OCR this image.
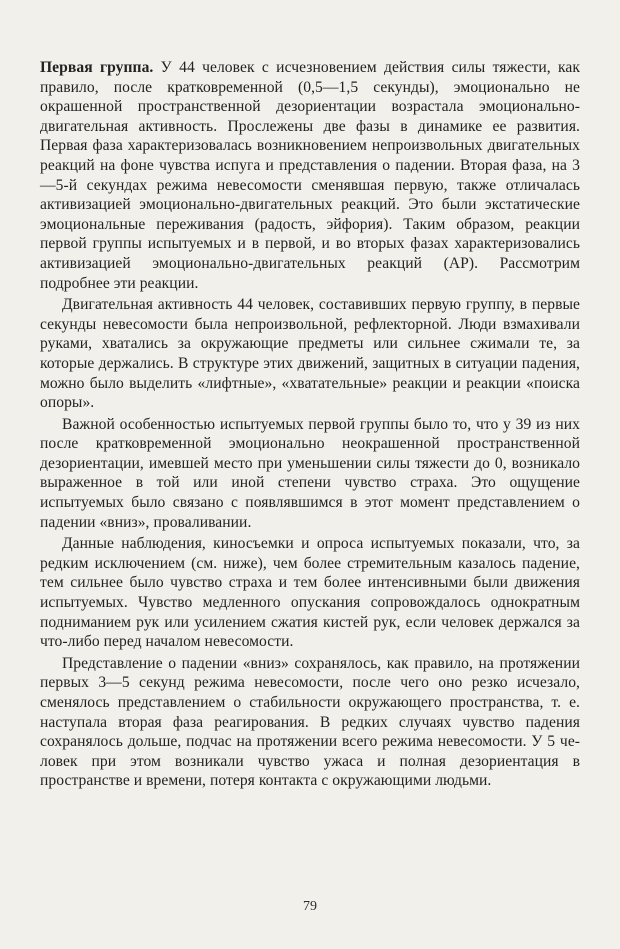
Первая группа. У 44 человек с исчезновением действия силы тяжести, как правило, после кратковременной (0,5—1,5 секунды), эмоционально не окрашенной пространственной дезориентации возрастала эмоционально-двигательная активность. Прослежены две фазы в динамике ее развития. Первая фаза характеризовалась возникновением непроизвольных двигательных реакций на фоне чувства испуга и представления о падении. Вторая фаза, на 3—5-й секундах режима невесомости сменявшая первую, также отличалась активизацией эмоционально-двигательных реакций. Это были экстатические эмоциональные переживания (радость, эйфория). Таким образом, реакции первой группы испытуемых и в первой, и во вторых фазах характеризовались активизацией эмоционально-двигательных реакций (АР). Рассмотрим подробнее эти реакции.

Двигательная активность 44 человек, составивших первую группу, в первые секунды невесомости была непроизвольной, рефлекторной. Люди взмахивали руками, хватались за окружающие предметы или сильнее сжимали те, за которые держались. В структуре этих движений, защитных в ситуации падения, можно было выделить «лифтные», «хватательные» реакции и реакции «поиска опоры».

Важной особенностью испытуемых первой группы было то, что у 39 из них после кратковременной эмоционально неокрашенной пространственной дезориентации, имевшей место при уменьшении силы тяжести до 0, возникало выраженное в той или иной степени чувство страха. Это ощущение испытуемых было связано с появлявшимся в этот момент представлением о падении «вниз», проваливании.

Данные наблюдения, киносъемки и опроса испытуемых показали, что, за редким исключением (см. ниже), чем более стремительным казалось падение, тем сильнее было чувство страха и тем более интенсивными были движения испытуемых. Чувство медленного опускания сопровождалось однократным подниманием рук или усилением сжатия кистей рук, если человек держался за что-либо перед началом невесомости.

Представление о падении «вниз» сохранялось, как правило, на протяжении первых 3—5 секунд режима невесомости, после чего оно резко исчезало, сменялось представлением о стабильности окружающего пространства, т. е. наступала вторая фаза реагирования. В редких случаях чувство падения сохранялось дольше, подчас на протяжении всего режима невесомости. У 5 человек при этом возникали чувство ужаса и полная дезориентация в пространстве и времени, потеря контакта с окружающими людьми.

79
